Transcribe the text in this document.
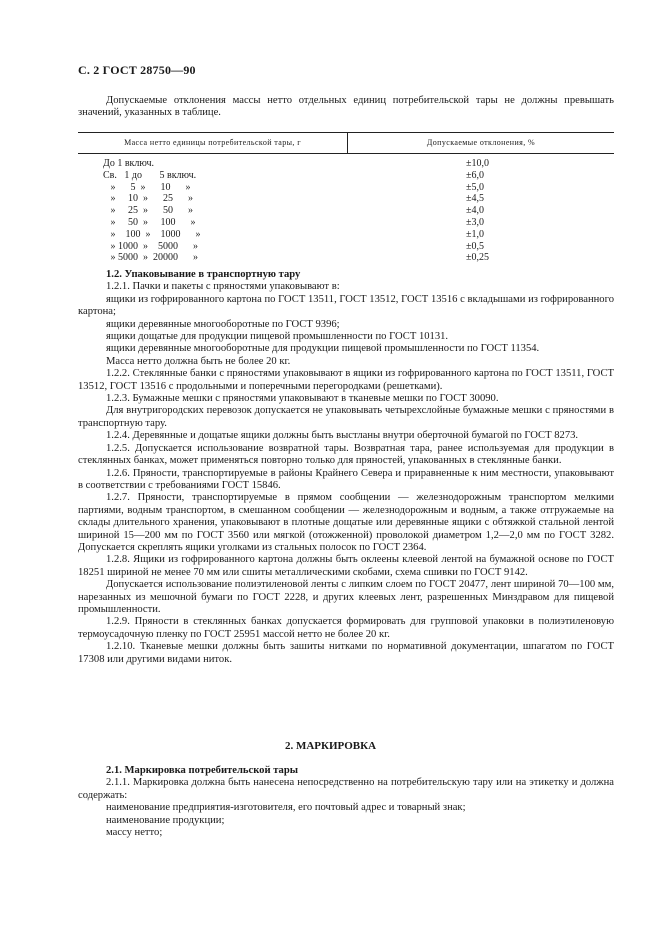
С. 2 ГОСТ 28750—90
Допускаемые отклонения массы нетто отдельных единиц потребительской тары не должны превышать значений, указанных в таблице.
Масса нетто единицы потребительской тары, г	Допускаемые отклонения, %
До 1 включ.	±10,0
Св.   1 до       5 включ.	±6,0
»      5  »      10      »	±5,0
»     10  »      25      »	±4,5
»     25  »      50      »	±4,0
»     50  »     100      »	±3,0
»    100  »    1000      »	±1,0
» 1000  »    5000      »	±0,5
» 5000  »  20000      »	±0,25
1.2. Упаковывание в транспортную тару
1.2.1. Пачки и пакеты с пряностями упаковывают в:
ящики из гофрированного картона по ГОСТ 13511, ГОСТ 13512, ГОСТ 13516 с вкладышами из гофрированного картона;
ящики деревянные многооборотные по ГОСТ 9396;
ящики дощатые для продукции пищевой промышленности по ГОСТ 10131.
ящики деревянные многооборотные для продукции пищевой промышленности по ГОСТ 11354.
Масса нетто должна быть не более 20 кг.
1.2.2. Стеклянные банки с пряностями упаковывают в ящики из гофрированного картона по ГОСТ 13511, ГОСТ 13512, ГОСТ 13516 с продольными и поперечными перегородками (решетками).
1.2.3. Бумажные мешки с пряностями упаковывают в тканевые мешки по ГОСТ 30090.
Для внутригородских перевозок допускается не упаковывать четырехслойные бумажные мешки с пряностями в транспортную тару.
1.2.4. Деревянные и дощатые ящики должны быть выстланы внутри оберточной бумагой по ГОСТ 8273.
1.2.5. Допускается использование возвратной тары. Возвратная тара, ранее используемая для продукции в стеклянных банках, может применяться повторно только для пряностей, упакованных в стеклянные банки.
1.2.6. Пряности, транспортируемые в районы Крайнего Севера и приравненные к ним местности, упаковывают в соответствии с требованиями ГОСТ 15846.
1.2.7. Пряности, транспортируемые в прямом сообщении — железнодорожным транспортом мелкими партиями, водным транспортом, в смешанном сообщении — железнодорожным и водным, а также отгружаемые на склады длительного хранения, упаковывают в плотные дощатые или деревянные ящики с обтяжкой стальной лентой шириной 15—200 мм по ГОСТ 3560 или мягкой (отожженной) проволокой диаметром 1,2—2,0 мм по ГОСТ 3282. Допускается скреплять ящики уголками из стальных полосок по ГОСТ 2364.
1.2.8. Ящики из гофрированного картона должны быть оклеены клеевой лентой на бумажной основе по ГОСТ 18251 шириной не менее 70 мм или сшиты металлическими скобами, схема сшивки по ГОСТ 9142.
Допускается использование полиэтиленовой ленты с липким слоем по ГОСТ 20477, лент шириной 70—100 мм, нарезанных из мешочной бумаги по ГОСТ 2228, и других клеевых лент, разрешенных Минздравом для пищевой промышленности.
1.2.9. Пряности в стеклянных банках допускается формировать для групповой упаковки в полиэтиленовую термоусадочную пленку по ГОСТ 25951 массой нетто не более 20 кг.
1.2.10. Тканевые мешки должны быть зашиты нитками по нормативной документации, шпагатом по ГОСТ 17308 или другими видами ниток.
2. МАРКИРОВКА
2.1. Маркировка потребительской тары
2.1.1. Маркировка должна быть нанесена непосредственно на потребительскую тару или на этикетку и должна содержать:
наименование предприятия-изготовителя, его почтовый адрес и товарный знак;
наименование продукции;
массу нетто;
